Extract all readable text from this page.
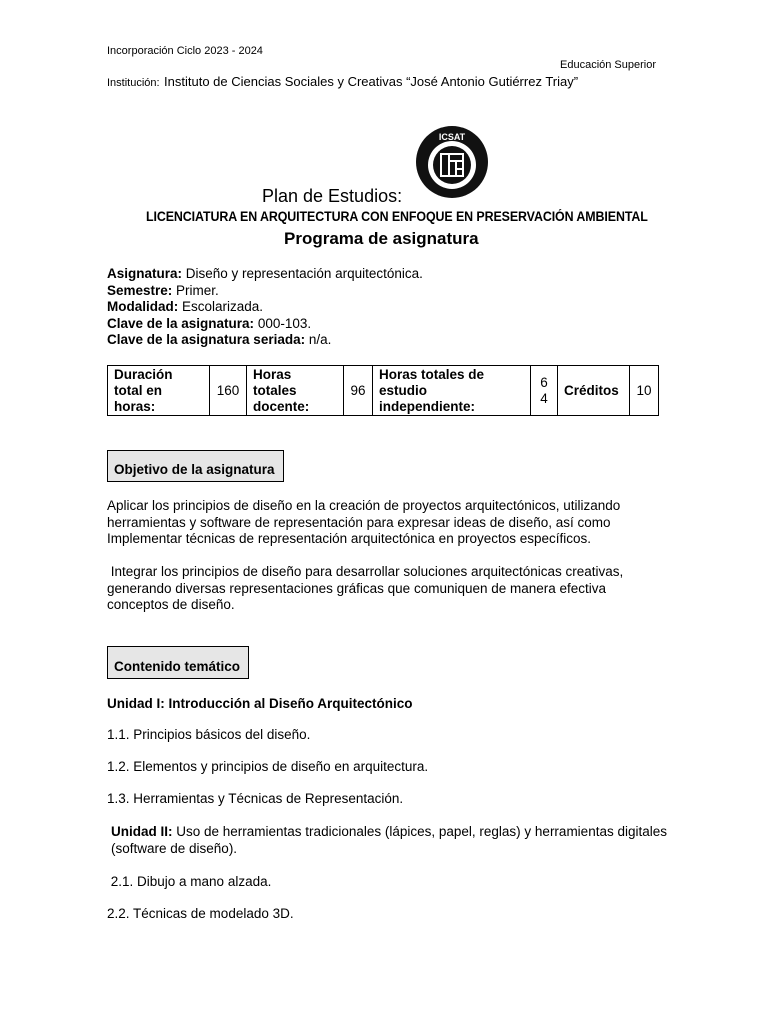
Incorporación Ciclo 2023 - 2024
Educación Superior
Institución: Instituto de Ciencias Sociales y Creativas “José Antonio Gutiérrez Triay”
ICSAT
Plan de Estudios:
LICENCIATURA EN ARQUITECTURA CON ENFOQUE EN PRESERVACIÓN AMBIENTAL
Programa de asignatura
Asignatura: Diseño y representación arquitectónica.
Semestre: Primer.
Modalidad: Escolarizada.
Clave de la asignatura: 000-103.
Clave de la asignatura seriada: n/a.
Duración total en horas:	160	Horas totales docente:	96	Horas totales de estudio independiente:	64	Créditos	10
Objetivo de la asignatura
Aplicar los principios de diseño en la creación de proyectos arquitectónicos, utilizando herramientas y software de representación para expresar ideas de diseño, así como Implementar técnicas de representación arquitectónica en proyectos específicos.
Integrar los principios de diseño para desarrollar soluciones arquitectónicas creativas, generando diversas representaciones gráficas que comuniquen de manera efectiva conceptos de diseño.
Contenido temático
Unidad I: Introducción al Diseño Arquitectónico
1.1. Principios básicos del diseño.
1.2. Elementos y principios de diseño en arquitectura.
1.3. Herramientas y Técnicas de Representación.
Unidad II: Uso de herramientas tradicionales (lápices, papel, reglas) y herramientas digitales (software de diseño).
2.1. Dibujo a mano alzada.
2.2. Técnicas de modelado 3D.
